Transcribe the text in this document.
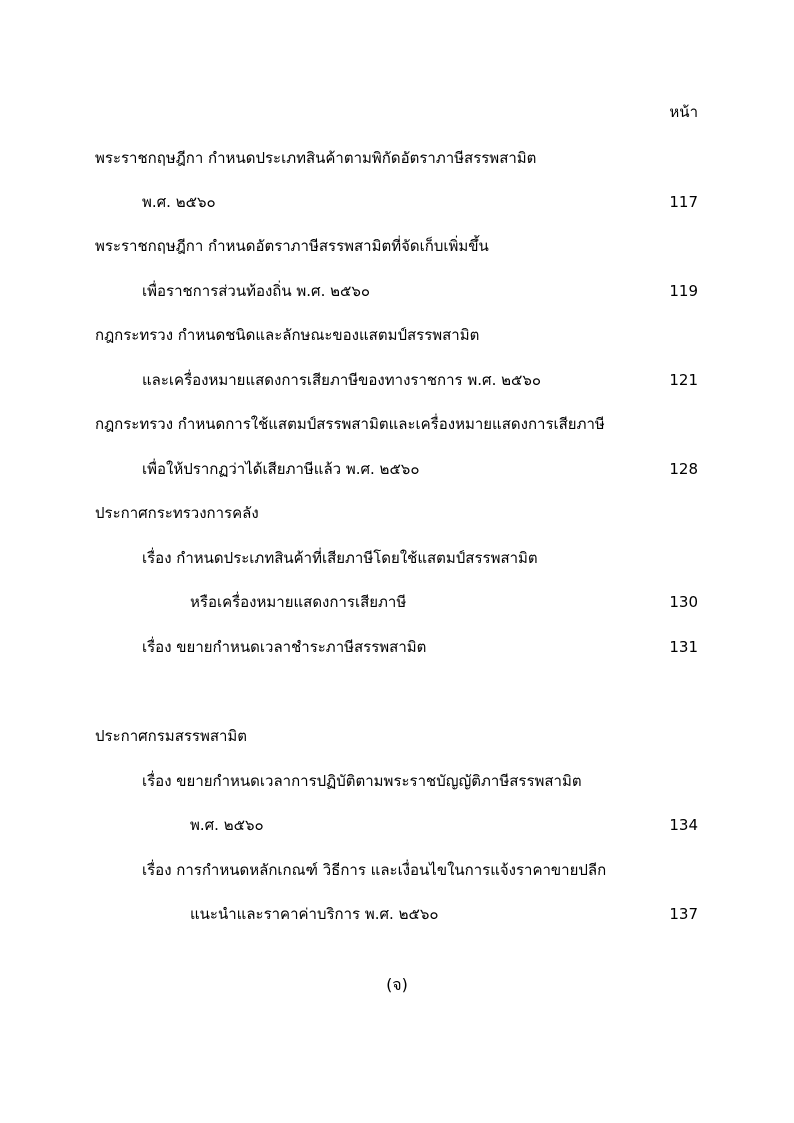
หน้า
พระราชกฤษฎีกา กำหนดประเภทสินค้าตามพิกัดอัตราภาษีสรรพสามิต
พ.ศ. ๒๕๖๐	117
พระราชกฤษฎีกา กำหนดอัตราภาษีสรรพสามิตที่จัดเก็บเพิ่มขึ้น
เพื่อราชการส่วนท้องถิ่น พ.ศ. ๒๕๖๐	119
กฎกระทรวง กำหนดชนิดและลักษณะของแสตมป์สรรพสามิต
และเครื่องหมายแสดงการเสียภาษีของทางราชการ พ.ศ. ๒๕๖๐	121
กฎกระทรวง กำหนดการใช้แสตมป์สรรพสามิตและเครื่องหมายแสดงการเสียภาษี
เพื่อให้ปรากฏว่าได้เสียภาษีแล้ว พ.ศ. ๒๕๖๐	128
ประกาศกระทรวงการคลัง
เรื่อง กำหนดประเภทสินค้าที่เสียภาษีโดยใช้แสตมป์สรรพสามิต
หรือเครื่องหมายแสดงการเสียภาษี	130
เรื่อง ขยายกำหนดเวลาชำระภาษีสรรพสามิต	131
ประกาศกรมสรรพสามิต
เรื่อง ขยายกำหนดเวลาการปฏิบัติตามพระราชบัญญัติภาษีสรรพสามิต
พ.ศ. ๒๕๖๐	134
เรื่อง การกำหนดหลักเกณฑ์ วิธีการ และเงื่อนไขในการแจ้งราคาขายปลีก
แนะนำและราคาค่าบริการ พ.ศ. ๒๕๖๐	137
(จ)
